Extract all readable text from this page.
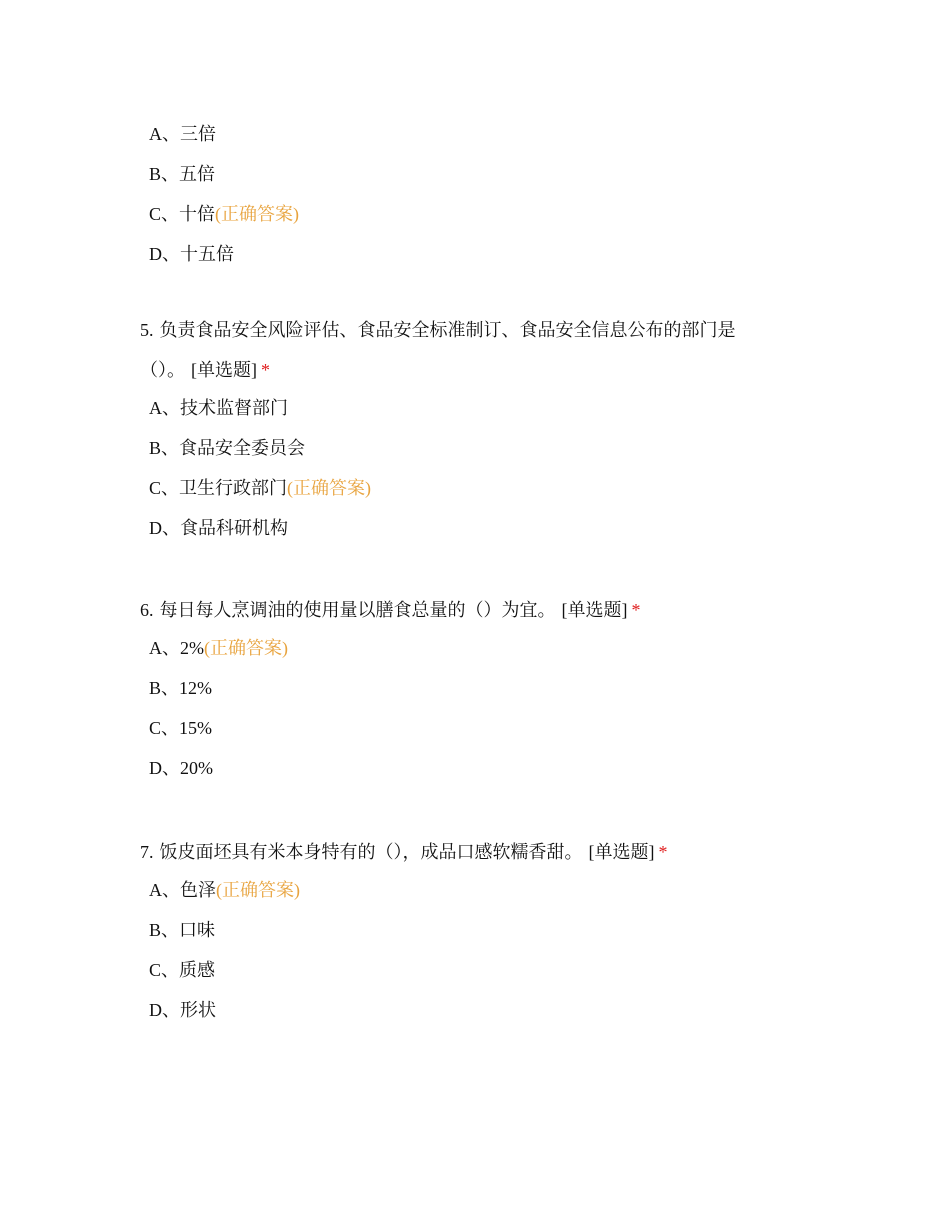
A、三倍
B、五倍
C、十倍(正确答案)
D、十五倍
5. 负责食品安全风险评估、食品安全标准制订、食品安全信息公布的部门是（）。 [单选题] *
A、技术监督部门
B、食品安全委员会
C、卫生行政部门(正确答案)
D、食品科研机构
6. 每日每人烹调油的使用量以膳食总量的（）为宜。 [单选题] *
A、2%(正确答案)
B、12%
C、15%
D、20%
7. 饭皮面坯具有米本身特有的（），成品口感软糯香甜。 [单选题] *
A、色泽(正确答案)
B、口味
C、质感
D、形状
